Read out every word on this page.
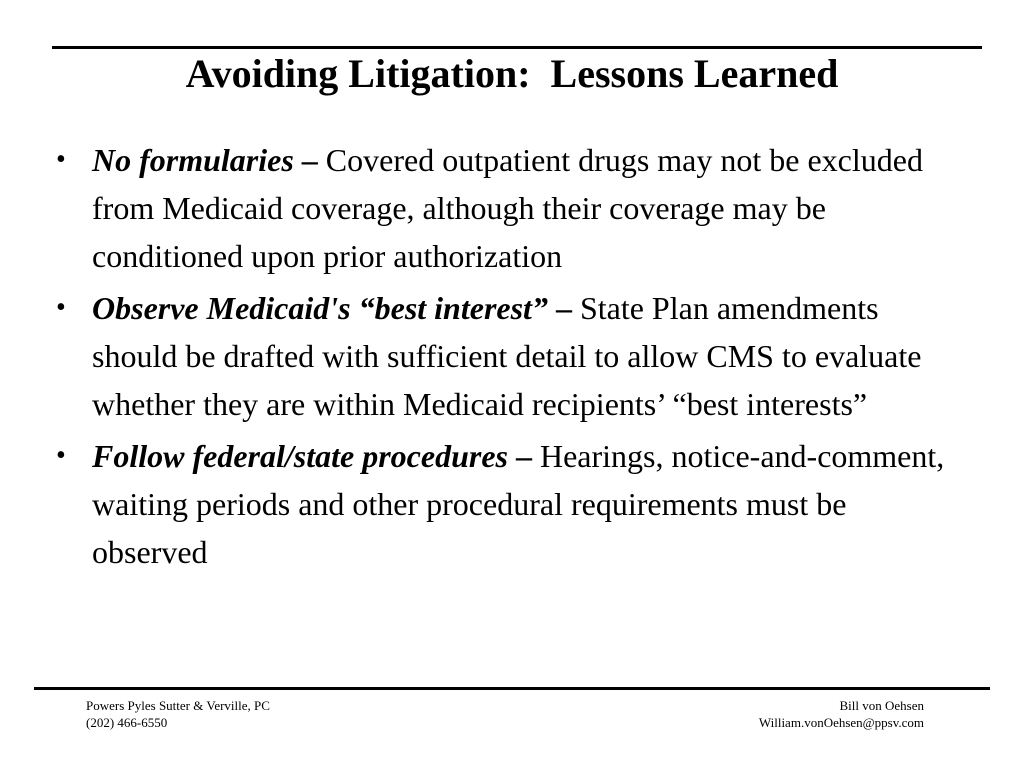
Avoiding Litigation:  Lessons Learned
• No formularies – Covered outpatient drugs may not be excluded from Medicaid coverage, although their coverage may be conditioned upon prior authorization
• Observe Medicaid's “best interest” – State Plan amendments should be drafted with sufficient detail to allow CMS to evaluate whether they are within Medicaid recipients’ “best interests”
• Follow federal/state procedures – Hearings, notice-and-comment, waiting periods and other procedural requirements must be observed
Powers Pyles Sutter & Verville, PC
(202) 466-6550
Bill von Oehsen
William.vonOehsen@ppsv.com
